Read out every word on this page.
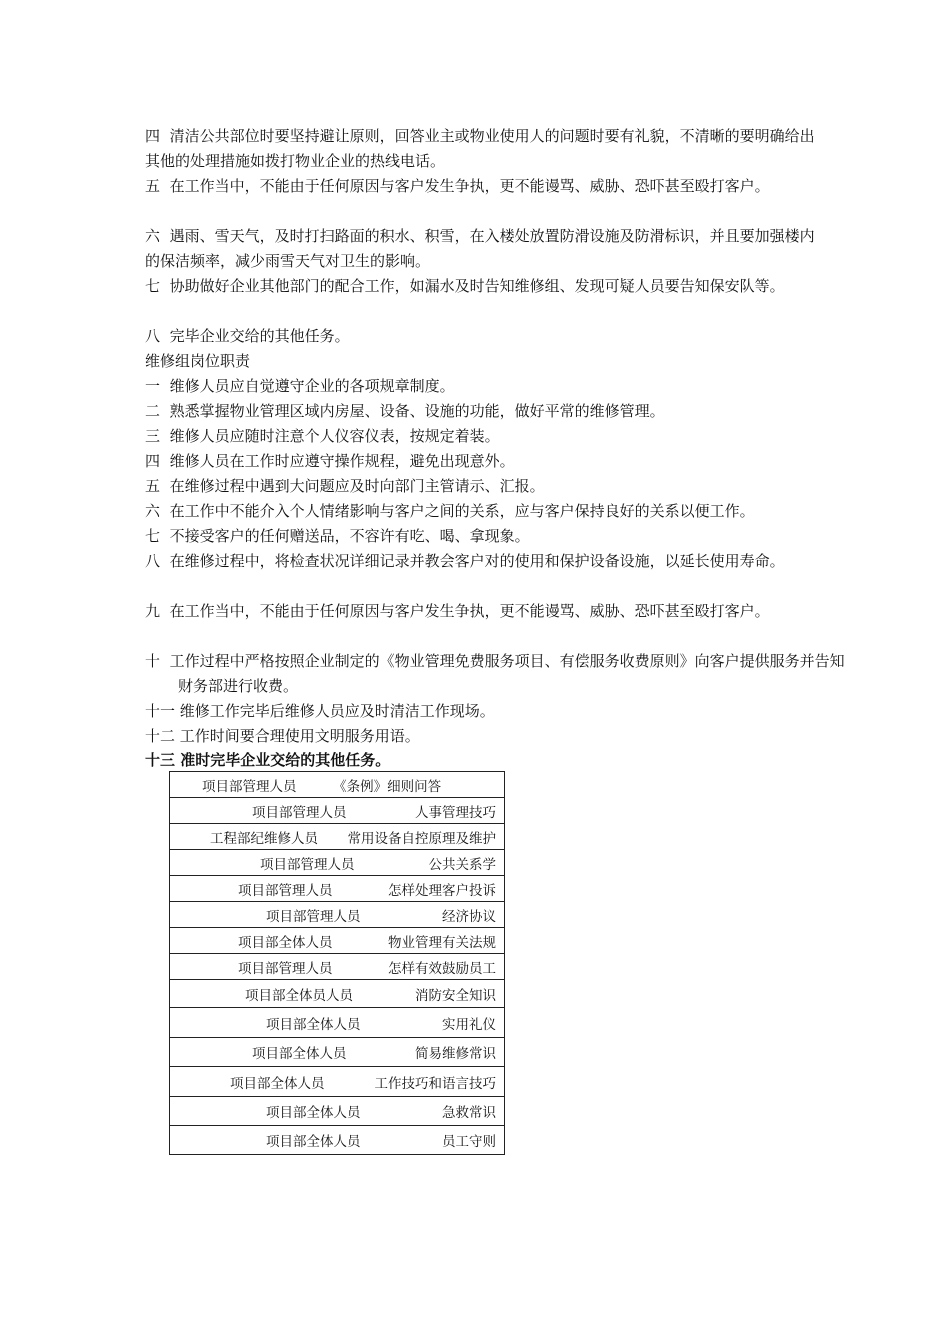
四 清洁公共部位时要坚持避让原则，回答业主或物业使用人的问题时要有礼貌，不清晰的要明确给出其他的处理措施如拨打物业企业的热线电话。

五 在工作当中，不能由于任何原因与客户发生争执，更不能谩骂、威胁、恐吓甚至殴打客户。

六 遇雨、雪天气，及时打扫路面的积水、积雪，在入楼处放置防滑设施及防滑标识，并且要加强楼内的保洁频率，减少雨雪天气对卫生的影响。

七 协助做好企业其他部门的配合工作，如漏水及时告知维修组、发现可疑人员要告知保安队等。

八 完毕企业交给的其他任务。

维修组岗位职责

一 维修人员应自觉遵守企业的各项规章制度。

二 熟悉掌握物业管理区域内房屋、设备、设施的功能，做好平常的维修管理。

三 维修人员应随时注意个人仪容仪表，按规定着装。

四 维修人员在工作时应遵守操作规程，避免出现意外。

五 在维修过程中遇到大问题应及时向部门主管请示、汇报。

六 在工作中不能介入个人情绪影响与客户之间的关系，应与客户保持良好的关系以便工作。

七 不接受客户的任何赠送品，不容许有吃、喝、拿现象。

八 在维修过程中，将检查状况详细记录并教会客户对的使用和保护设备设施，以延长使用寿命。

九 在工作当中，不能由于任何原因与客户发生争执，更不能谩骂、威胁、恐吓甚至殴打客户。

十 工作过程中严格按照企业制定的《物业管理免费服务项目、有偿服务收费原则》向客户提供服务并告知财务部进行收费。

十一 维修工作完毕后维修人员应及时清洁工作现场。

十二 工作时间要合理使用文明服务用语。

十三 准时完毕企业交给的其他任务。

项目部管理人员	《条例》细则问答
项目部管理人员	人事管理技巧

工程部纪维修人员 常用设备自控原理及维护

项目部管理人员	公共关系学

项目部管理人员	怎样处理客户投诉

项目部管理人员	经济协议

项目部全体人员	物业管理有关法规

项目部管理人员	怎样有效鼓励员工

项目部全体员人员	消防安全知识

项目部全体人员	实用礼仪

项目部全体人员	简易维修常识

项目部全体人员	工作技巧和语言技巧

项目部全体人员	急救常识

项目部全体人员	员工守则
